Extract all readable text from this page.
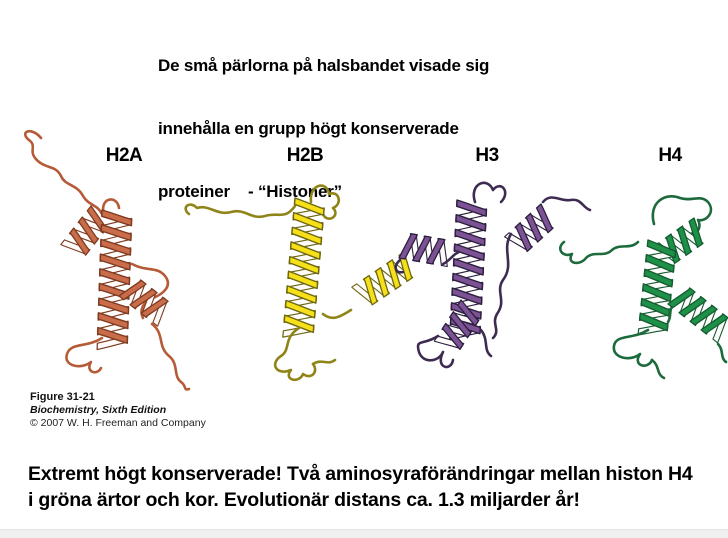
De små pärlorna på halsbandet visade sig

innehålla en grupp högt konserverade

proteiner    - “Histoner”

H2A	H2B	H3	H4
Figure 31-21
Biochemistry, Sixth Edition
© 2007 W. H. Freeman and Company
Extremt högt konserverade! Två aminosyraförändringar mellan histon H4
i gröna ärtor och kor. Evolutionär distans ca. 1.3 miljarder år!
